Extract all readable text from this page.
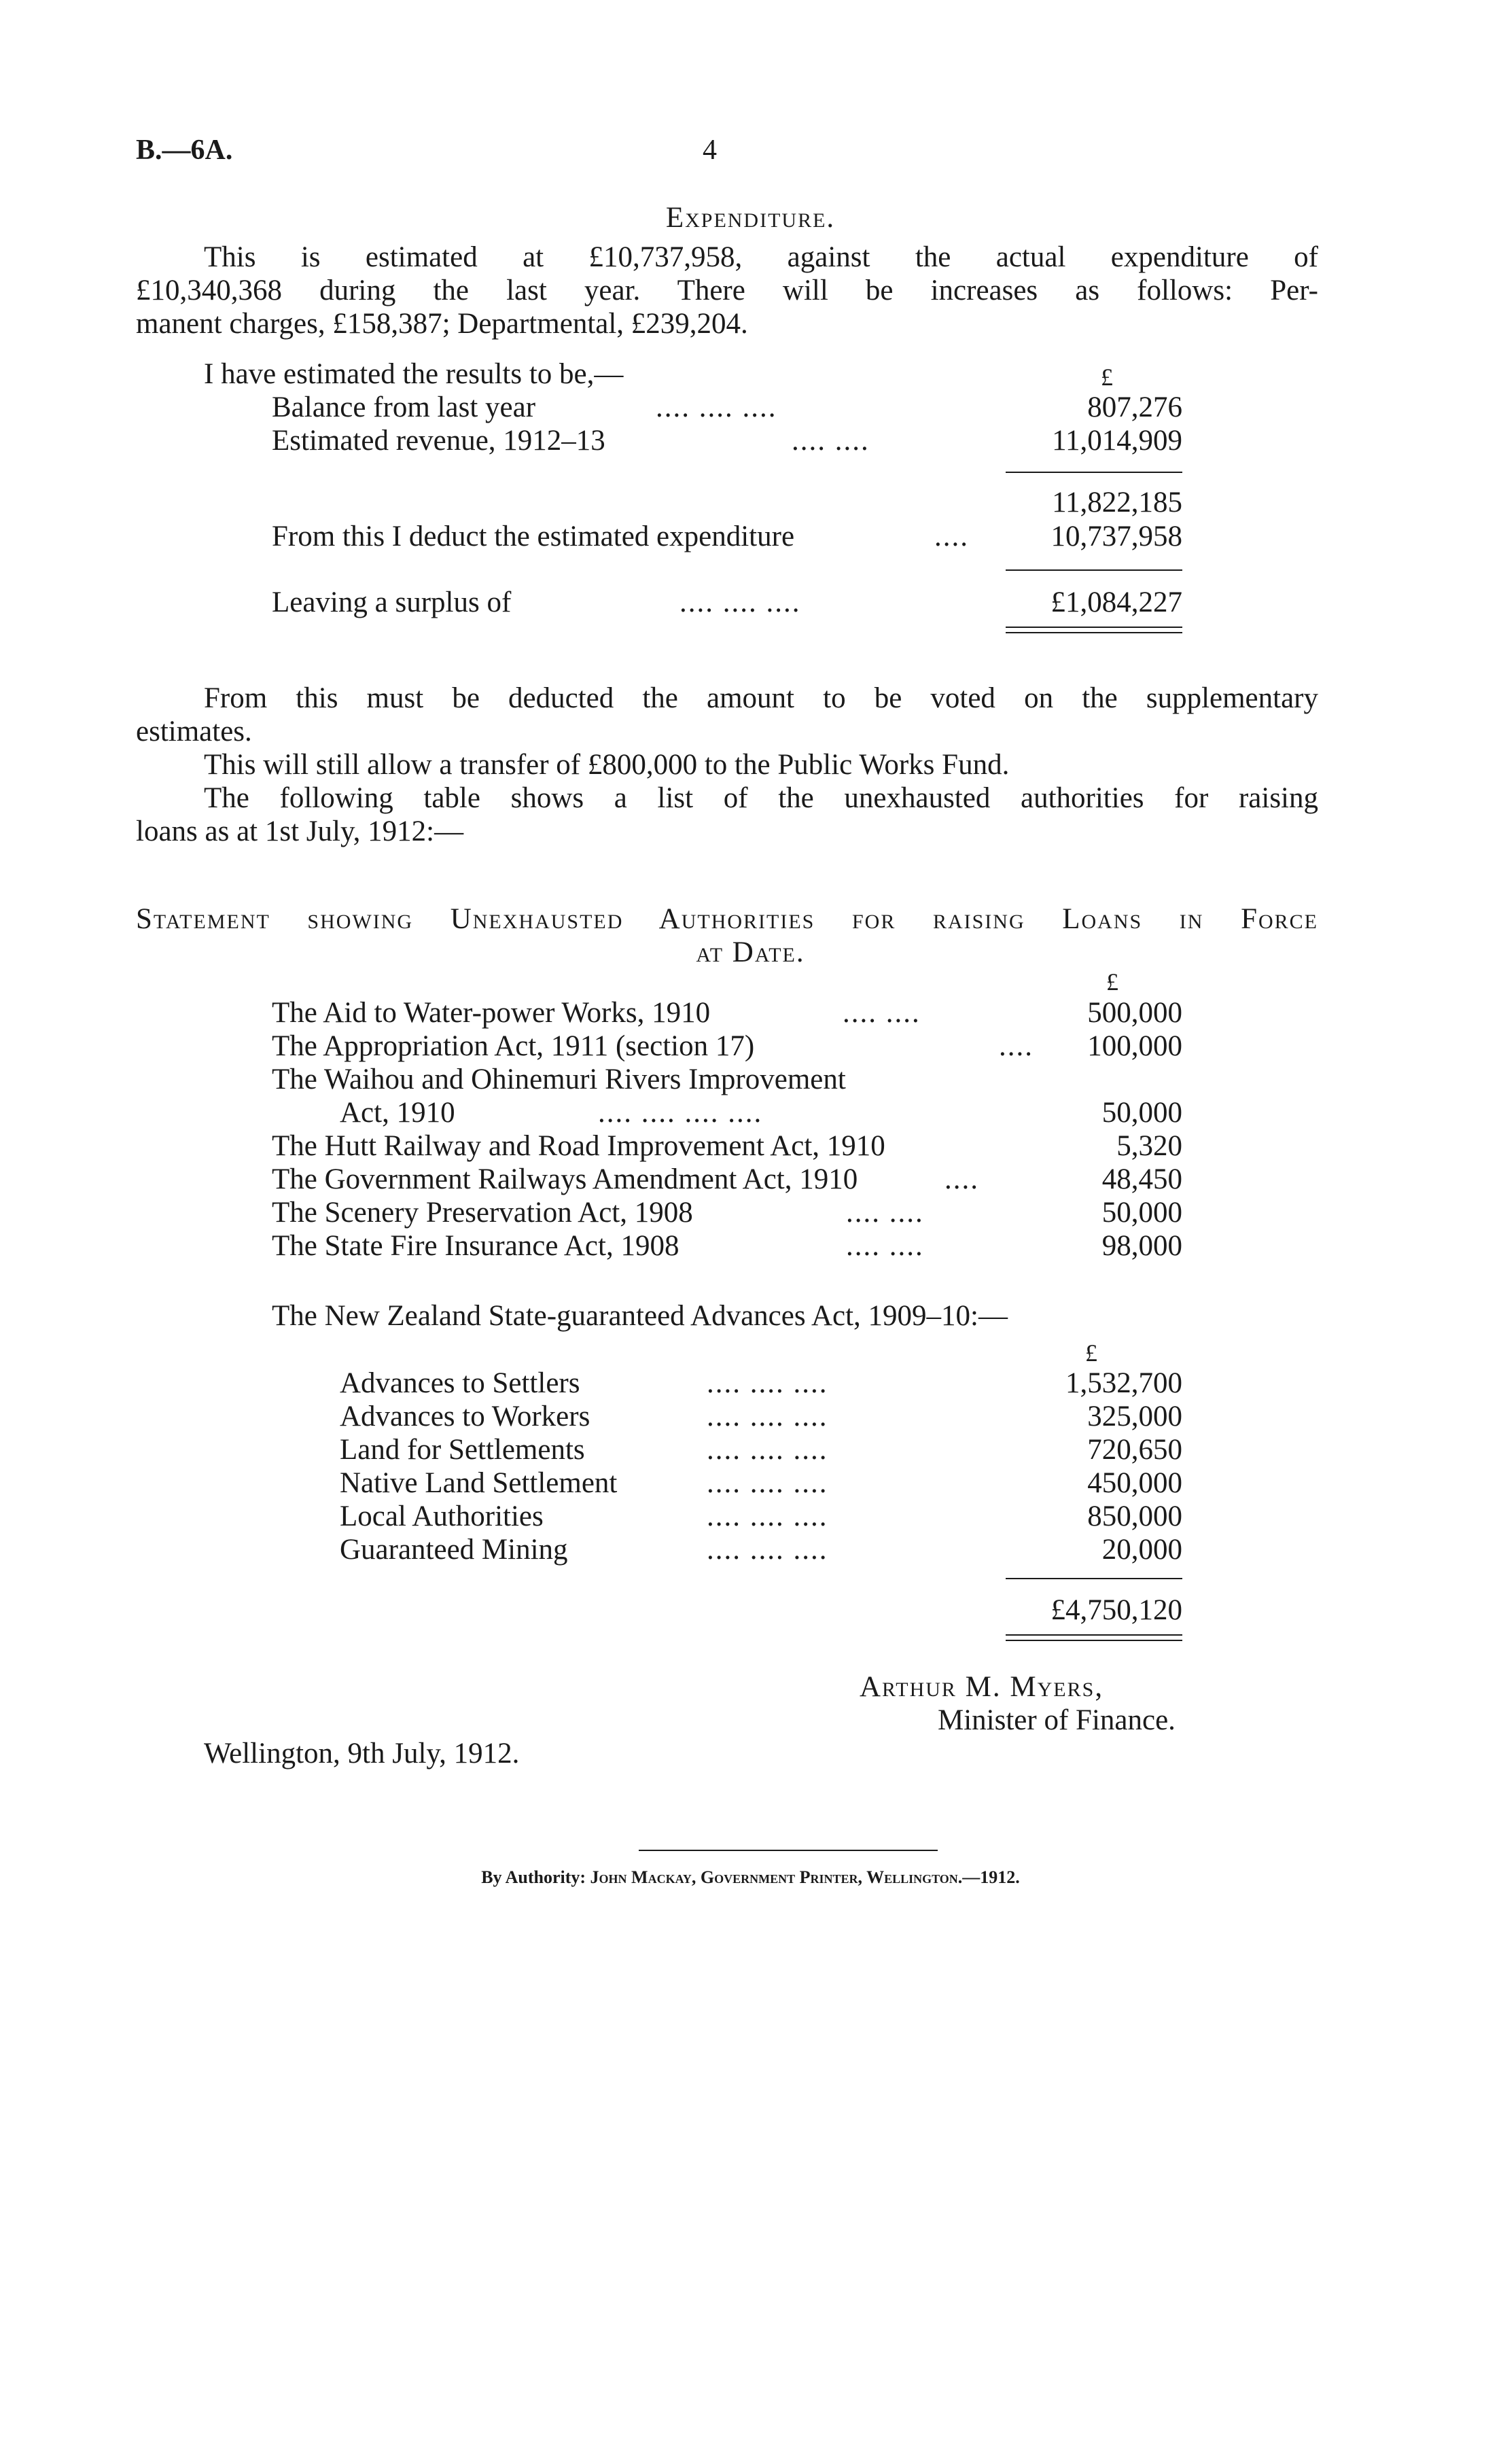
B.—6A.	4
Expenditure.
This is estimated at £10,737,958, against the actual expenditure of
£10,340,368 during the last year. There will be increases as follows: Per-
manent charges, £158,387; Departmental, £239,204.
I have estimated the results to be,—	£
Balance from last year	.... .... ....	807,276
Estimated revenue, 1912–13	.... ....	11,014,909
11,822,185
From this I deduct the estimated expenditure	....	10,737,958
Leaving a surplus of	.... .... ....	£1,084,227
From this must be deducted the amount to be voted on the supplementary
estimates.
This will still allow a transfer of £800,000 to the Public Works Fund.
The following table shows a list of the unexhausted authorities for raising
loans as at 1st July, 1912:—
Statement showing Unexhausted Authorities for raising Loans in Force
at Date.
£
The Aid to Water-power Works, 1910	.... ....	500,000
The Appropriation Act, 1911 (section 17)	....	100,000
The Waihou and Ohinemuri Rivers Improvement
Act, 1910	.... .... .... ....	50,000
The Hutt Railway and Road Improvement Act, 1910	5,320
The Government Railways Amendment Act, 1910	....	48,450
The Scenery Preservation Act, 1908	.... ....	50,000
The State Fire Insurance Act, 1908	.... ....	98,000
The New Zealand State-guaranteed Advances Act, 1909–10:—
£
Advances to Settlers	.... .... ....	1,532,700
Advances to Workers	.... .... ....	325,000
Land for Settlements	.... .... ....	720,650
Native Land Settlement	.... .... ....	450,000
Local Authorities	.... .... ....	850,000
Guaranteed Mining	.... .... ....	20,000
£4,750,120
Arthur M. Myers,
Minister of Finance.
Wellington, 9th July, 1912.
By Authority: John Mackay, Government Printer, Wellington.—1912.
